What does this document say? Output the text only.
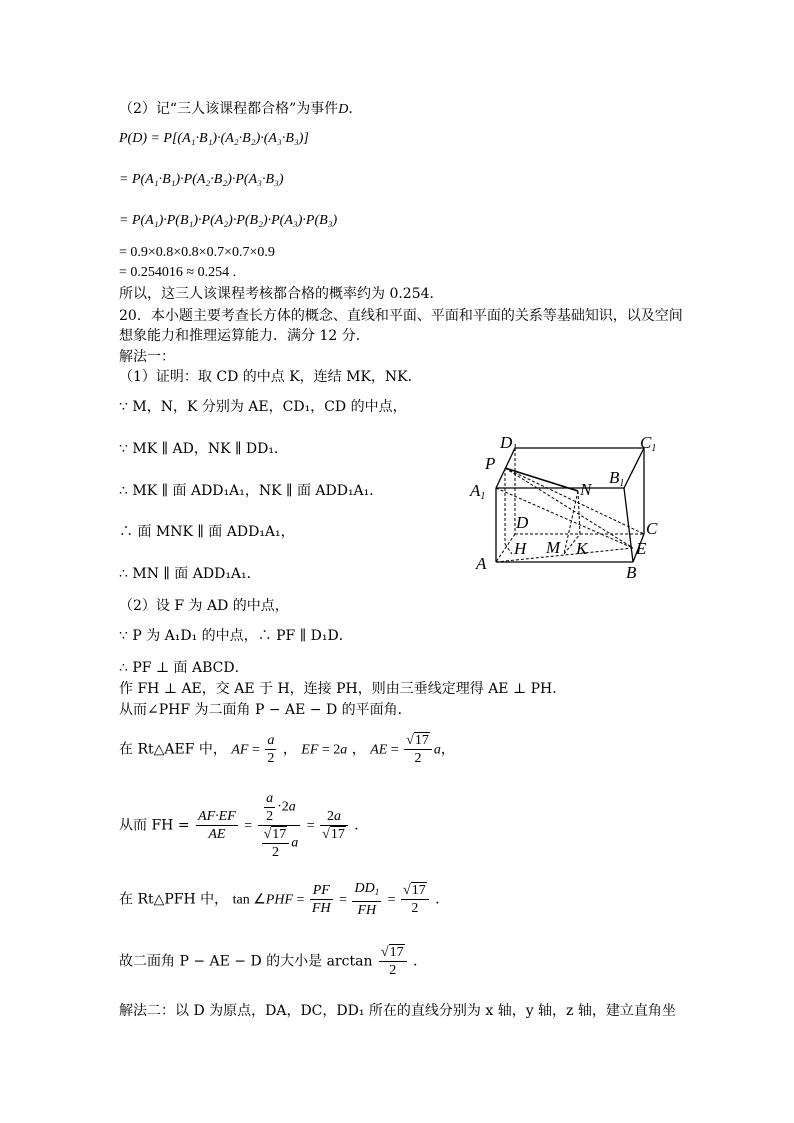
（2）记“三人该课程都合格”为事件D．
P(D) = P[(A₁·B₁)·(A₂·B₂)·(A₃·B₃)]
= P(A₁·B₁)·P(A₂·B₂)·P(A₃·B₃)
= P(A₁)·P(B₁)·P(A₂)·P(B₂)·P(A₃)·P(B₃)
= 0.9×0.8×0.8×0.7×0.7×0.9
= 0.254016 ≈ 0.254 .
所以，这三人该课程考核都合格的概率约为 0.254．
20．本小题主要考查长方体的概念、直线和平面、平面和平面的关系等基础知识，以及空间
想象能力和推理运算能力．满分 12 分．
解法一：
（1）证明：取 CD 的中点 K，连结 MK，NK．
∵ M，N，K 分别为 AE，CD₁，CD 的中点，
∵ MK ∥ AD，NK ∥ DD₁．
∴ MK ∥ 面 ADD₁A₁，NK ∥ 面 ADD₁A₁．
∴ 面 MNK ∥ 面 ADD₁A₁，
∴ MN ∥ 面 ADD₁A₁．
（2）设 F 为 AD 的中点，
∵ P 为 A₁D₁ 的中点，∴ PF ∥ D₁D．
∴ PF ⊥ 面 ABCD．
作 FH ⊥ AE，交 AE 于 H，连接 PH，则由三垂线定理得 AE ⊥ PH．
从而∠PHF 为二面角 P − AE − D 的平面角．
在 Rt△AEF 中， AF = $\frac{a}{2}$ ， EF = 2a ， AE = $\frac{√17}{2}$ a，
从而 FH = $\frac{AF\cdot EF}{AE} = \frac{\frac{a}{2} \cdot 2a}{\frac{√17}{2} a} = \frac{2a}{√17}$ ．
在 Rt△PFH 中， tan ∠PHF = $\frac{PF}{FH} = \frac{DD_1}{FH} = \frac{√17}{2}$ ．
故二面角 P − AE − D 的大小是 $\arctan \frac{√17}{2}$ ．
解法二：以 D 为原点，DA，DC，DD₁ 所在的直线分别为 x 轴，y 轴，z 轴，建立直角坐
D1	C1
P
B1
A1	N
D	C
H M K	E
A	B
